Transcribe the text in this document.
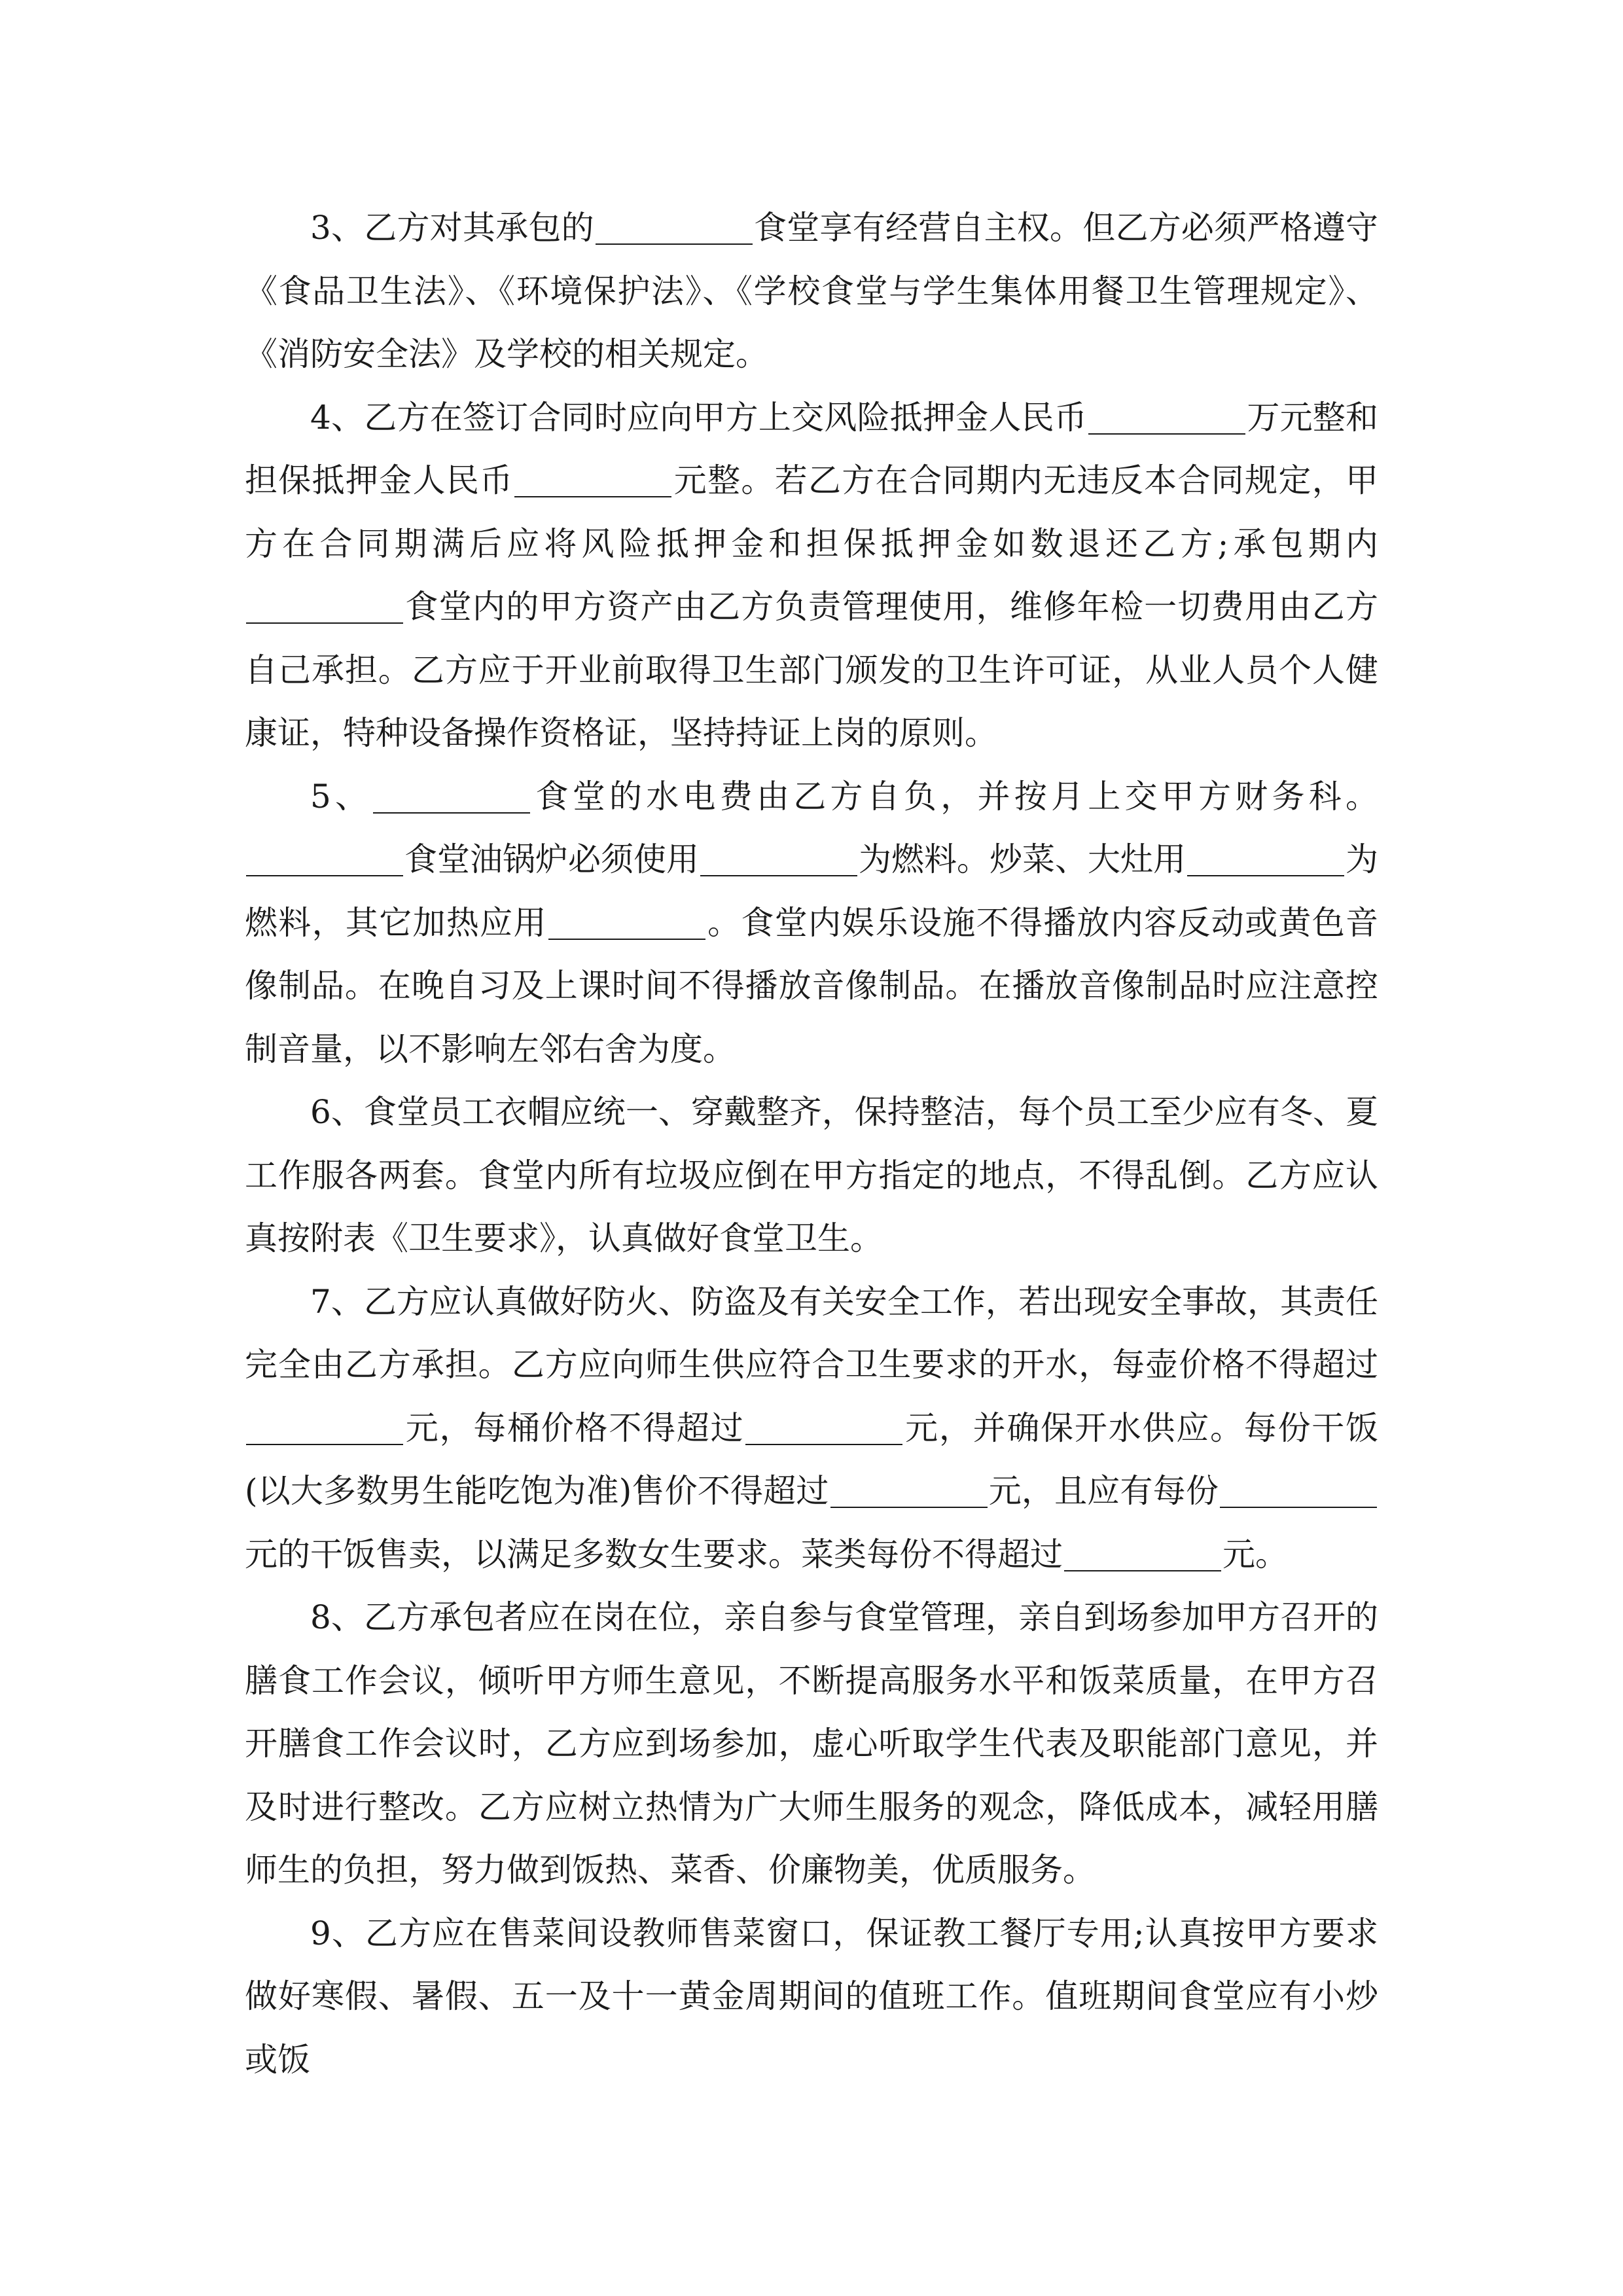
3、乙方对其承包的	食堂享有经营自主权。但乙方必须严格遵守《食品卫生法》、《环境保护法》、《学校食堂与学生集体用餐卫生管理规定》、《消防安全法》及学校的相关规定。

4、乙方在签订合同时应向甲方上交风险抵押金人民币	万元整和担保抵押金人民币	元整。若乙方在合同期内无违反本合同规定，甲方在合同期满后应将风险抵押金和担保抵押金如数退还乙方;承包期内食堂内的甲方资产由乙方负责管理使用，维修年检一切费用由乙方自己承担。乙方应于开业前取得卫生部门颁发的卫生许可证，从业人员个人健康证，特种设备操作资格证，坚持持证上岗的原则。

5、	食堂的水电费由乙方自负，并按月上交甲方财务科。食堂油锅炉必须使用	为燃料。炒菜、大灶用	为燃料，其它加热应用	。食堂内娱乐设施不得播放内容反动或黄色音像制品。在晚自习及上课时间不得播放音像制品。在播放音像制品时应注意控制音量，以不影响左邻右舍为度。

6、食堂员工衣帽应统一、穿戴整齐，保持整洁，每个员工至少应有冬、夏工作服各两套。食堂内所有垃圾应倒在甲方指定的地点，不得乱倒。乙方应认真按附表《卫生要求》，认真做好食堂卫生。

7、乙方应认真做好防火、防盗及有关安全工作，若出现安全事故，其责任完全由乙方承担。乙方应向师生供应符合卫生要求的开水，每壶价格不得超过元，每桶价格不得超过	元，并确保开水供应。每份干饭(以大多数男生能吃饱为准)售价不得超过	元，且应有每份元的干饭售卖，以满足多数女生要求。菜类每份不得超过	元。

8、乙方承包者应在岗在位，亲自参与食堂管理，亲自到场参加甲方召开的膳食工作会议，倾听甲方师生意见，不断提高服务水平和饭菜质量，在甲方召开膳食工作会议时，乙方应到场参加，虚心听取学生代表及职能部门意见，并及时进行整改。乙方应树立热情为广大师生服务的观念，降低成本，减轻用膳师生的负担，努力做到饭热、菜香、价廉物美，优质服务。

9、乙方应在售菜间设教师售菜窗口，保证教工餐厅专用;认真按甲方要求做好寒假、暑假、五一及十一黄金周期间的值班工作。值班期间食堂应有小炒或饭
